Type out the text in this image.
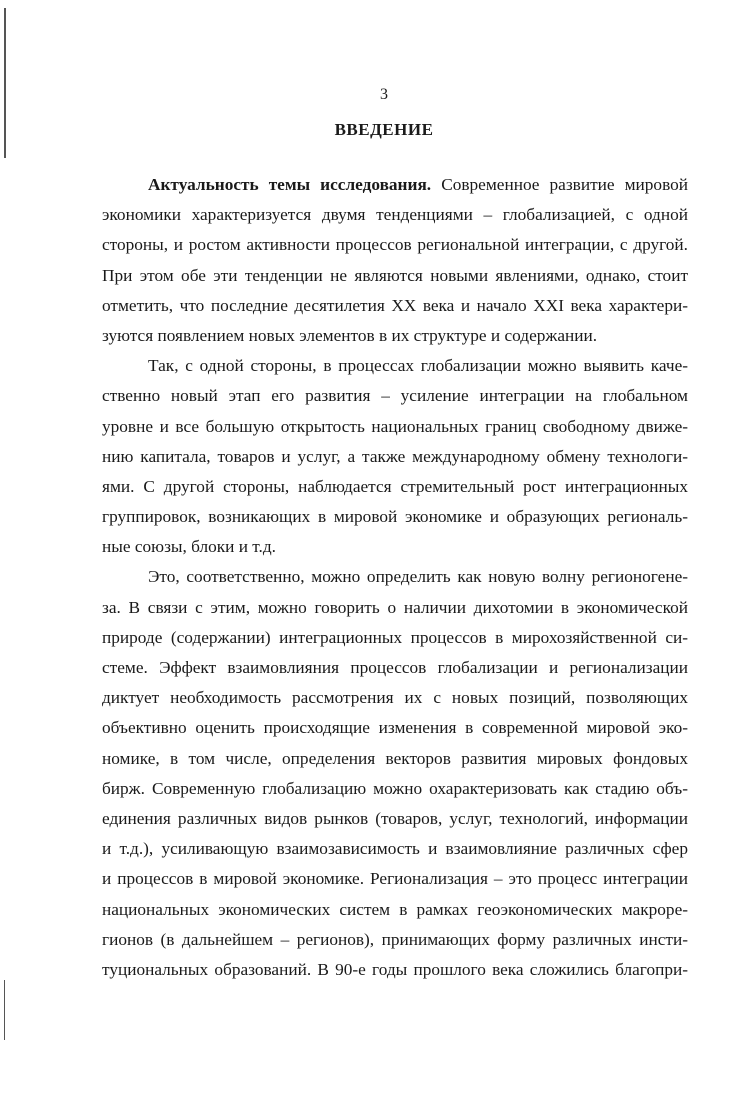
3
ВВЕДЕНИЕ
Актуальность темы исследования. Современное развитие мировой
экономики характеризуется двумя тенденциями – глобализацией, с одной
стороны, и ростом активности процессов региональной интеграции, с другой.
При этом обе эти тенденции не являются новыми явлениями, однако, стоит
отметить, что последние десятилетия XX века и начало XXI века характери-
зуются появлением новых элементов в их структуре и содержании.
Так, с одной стороны, в процессах глобализации можно выявить каче-
ственно новый этап его развития – усиление интеграции на глобальном
уровне и все большую открытость национальных границ свободному движе-
нию капитала, товаров и услуг, а также международному обмену технологи-
ями. С другой стороны, наблюдается стремительный рост интеграционных
группировок, возникающих в мировой экономике и образующих региональ-
ные союзы, блоки и т.д.
Это, соответственно, можно определить как новую волну регионогене-
за. В связи с этим, можно говорить о наличии дихотомии в экономической
природе (содержании) интеграционных процессов в мирохозяйственной си-
стеме. Эффект взаимовлияния процессов глобализации и регионализации
диктует необходимость рассмотрения их с новых позиций, позволяющих
объективно оценить происходящие изменения в современной мировой эко-
номике, в том числе, определения векторов развития мировых фондовых
бирж. Современную глобализацию можно охарактеризовать как стадию объ-
единения различных видов рынков (товаров, услуг, технологий, информации
и т.д.), усиливающую взаимозависимость и взаимовлияние различных сфер
и процессов в мировой экономике. Регионализация – это процесс интеграции
национальных экономических систем в рамках геоэкономических макроре-
гионов (в дальнейшем – регионов), принимающих форму различных инсти-
туциональных образований. В 90-е годы прошлого века сложились благопри-
